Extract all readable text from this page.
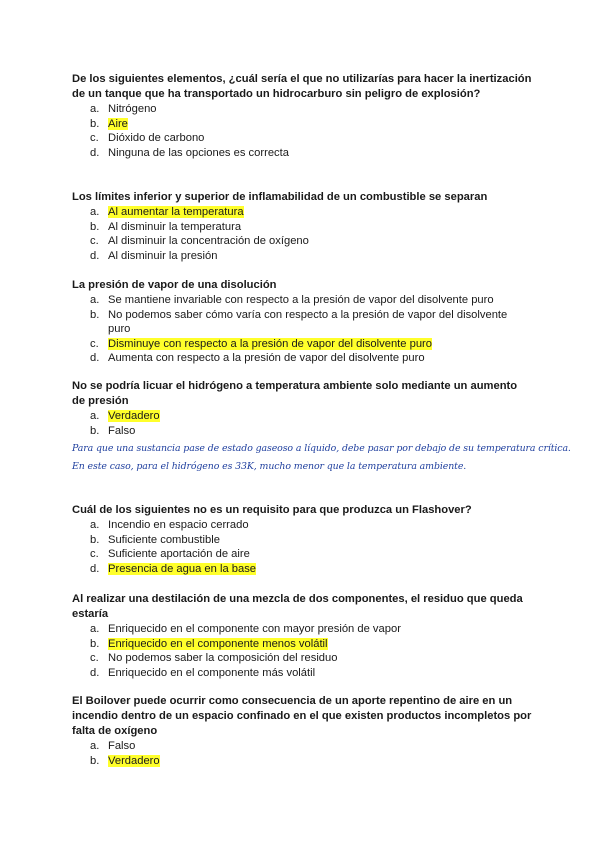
De los siguientes elementos, ¿cuál sería el que no utilizarías para hacer la inertización de un tanque que ha transportado un hidrocarburo sin peligro de explosión?

a. Nitrógeno
b. Aire
c. Dióxido de carbono
d. Ninguna de las opciones es correcta

Los límites inferior y superior de inflamabilidad de un combustible se separan

a. Al aumentar la temperatura
b. Al disminuir la temperatura
c. Al disminuir la concentración de oxígeno
d. Al disminuir la presión

La presión de vapor de una disolución

a. Se mantiene invariable con respecto a la presión de vapor del disolvente puro
b. No podemos saber cómo varía con respecto a la presión de vapor del disolvente puro
c. Disminuye con respecto a la presión de vapor del disolvente puro
d. Aumenta con respecto a la presión de vapor del disolvente puro

No se podría licuar el hidrógeno a temperatura ambiente solo mediante un aumento de presión

a. Verdadero
b. Falso
Para que una sustancia pase de estado gaseoso a líquido, debe pasar por debajo de su temperatura crítica.
En este caso, para el hidrógeno es 33K, mucho menor que la temperatura ambiente.

Cuál de los siguientes no es un requisito para que produzca un Flashover?

a. Incendio en espacio cerrado
b. Suficiente combustible
c. Suficiente aportación de aire
d. Presencia de agua en la base

Al realizar una destilación de una mezcla de dos componentes, el residuo que queda estaría

a. Enriquecido en el componente con mayor presión de vapor
b. Enriquecido en el componente menos volátil
c. No podemos saber la composición del residuo
d. Enriquecido en el componente más volátil

El Boilover puede ocurrir como consecuencia de un aporte repentino de aire en un incendio dentro de un espacio confinado en el que existen productos incompletos por falta de oxígeno

a. Falso
b. Verdadero
